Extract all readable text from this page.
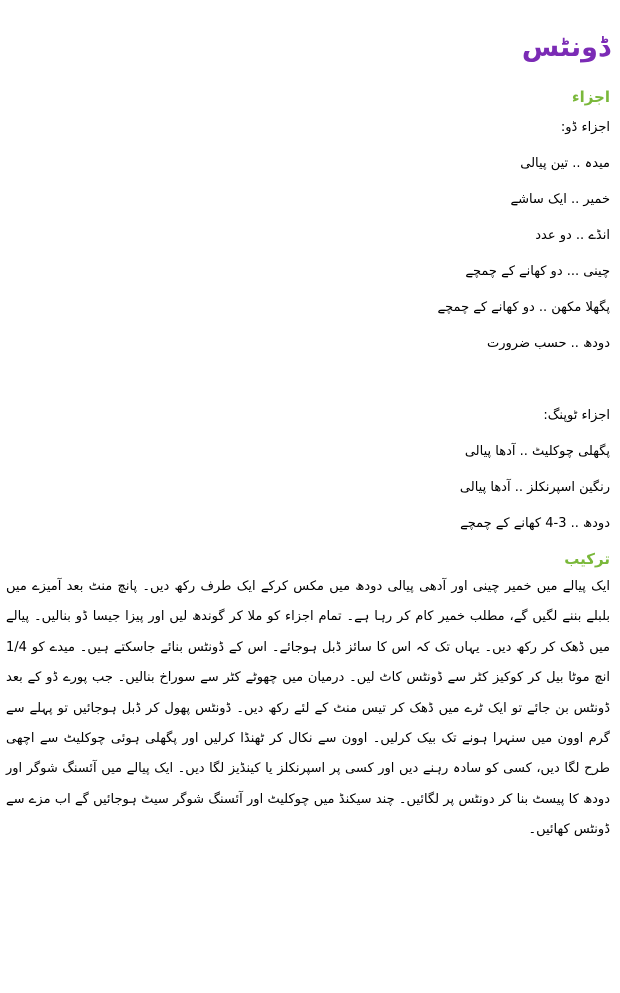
ڈونٹس
اجزاء

اجزاء ڈو:

میدہ .. تین پیالی

خمیر .. ایک ساشے

انڈے .. دو عدد

چینی ... دو کھانے کے چمچے

پگھلا مکھن .. دو کھانے کے چمچے

دودھ .. حسب ضرورت

اجزاء ٹوپنگ:

پگھلی چوکلیٹ .. آدھا پیالی

رنگین اسپرنکلز .. آدھا پیالی

دودھ .. 3-4 کھانے کے چمچے

ترکیب

ایک پیالے میں خمیر چینی اور آدھی پیالی دودھ میں مکس کرکے ایک طرف رکھ دیں۔ پانچ منٹ بعد آمیزے میں بلبلے بننے لگیں گے، مطلب خمیر کام کر رہا ہے۔ تمام اجزاء کو ملا کر گوندھ لیں اور پیزا جیسا ڈو بنالیں۔ پیالے میں ڈھک کر رکھ دیں۔ یہاں تک کہ اس کا سائز ڈبل ہوجائے۔ اس کے ڈونٹس بنائے جاسکتے ہیں۔ میدے کو 1/4 انچ موٹا بیل کر کوکیز کٹر سے ڈونٹس کاٹ لیں۔ درمیان میں چھوٹے کٹر سے سوراخ بنالیں۔ جب پورے ڈو کے بعد ڈونٹس بن جائے تو ایک ٹرے میں ڈھک کر تیس منٹ کے لئے رکھ دیں۔ ڈونٹس پھول کر ڈبل ہوجائیں تو پہلے سے گرم اوون میں سنہرا ہونے تک بیک کرلیں۔ اوون سے نکال کر ٹھنڈا کرلیں اور پگھلی ہوئی چوکلیٹ سے اچھی طرح لگا دیں، کسی کو سادہ رہنے دیں اور کسی پر اسپرنکلز یا کینڈیز لگا دیں۔ ایک پیالے میں آئسنگ شوگر اور دودھ کا پیسٹ بنا کر دونٹس پر لگائیں۔ چند سیکنڈ میں چوکلیٹ اور آئسنگ شوگر سیٹ ہوجائیں گے اب مزے سے ڈونٹس کھائیں۔
